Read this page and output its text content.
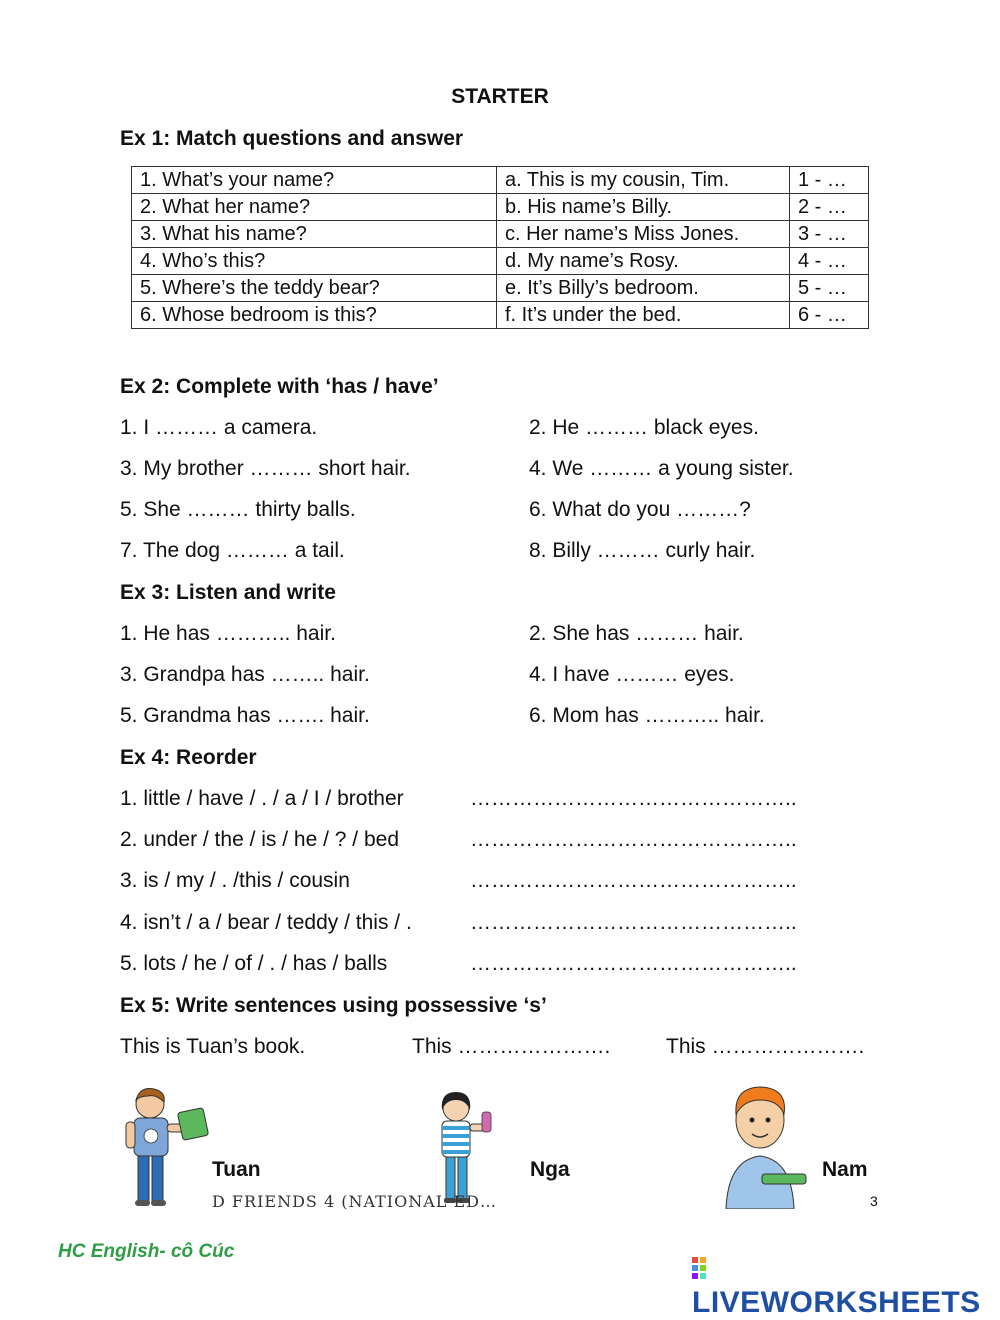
STARTER
Ex 1: Match questions and answer
1. What’s your name?	a. This is my cousin, Tim.	1 - …
2. What her name?	b. His name’s Billy.	2 - …
3. What his name?	c. Her name’s Miss Jones.	3 - …
4. Who’s this?	d. My name’s Rosy.	4 - …
5. Where’s the teddy bear?	e. It’s Billy’s bedroom.	5 - …
6. Whose bedroom is this?	f. It’s under the bed.	6 - …
Ex 2: Complete with ‘has / have’
1. I ……… a camera.	2. He ……… black eyes.
3. My brother ……… short hair.	4. We ……… a young sister.
5. She ……… thirty balls.	6. What do you ………?
7. The dog ……… a tail.	8. Billy ……… curly hair.
Ex 3: Listen and write
1. He has ……….. hair.	2. She has ……… hair.
3. Grandpa has …….. hair.	4. I have ……… eyes.
5. Grandma has ……. hair.	6. Mom has ……….. hair.
Ex 4: Reorder
1. little / have / . / a / I / brother	………………………………………..
2. under / the / is / he / ? / bed	………………………………………..
3. is / my / . /this / cousin	………………………………………..
4. isn’t / a / bear / teddy / this / .	………………………………………..
5. lots / he / of / . / has / balls	………………………………………..
Ex 5: Write sentences using possessive ‘s’
This is Tuan’s book.	This ………………….	This ………………….
Tuan	Nga	Nam
D FRIENDS 4 (NATIONAL ED…	3
HC English- cô Cúc
LIVEWORKSHEETS
